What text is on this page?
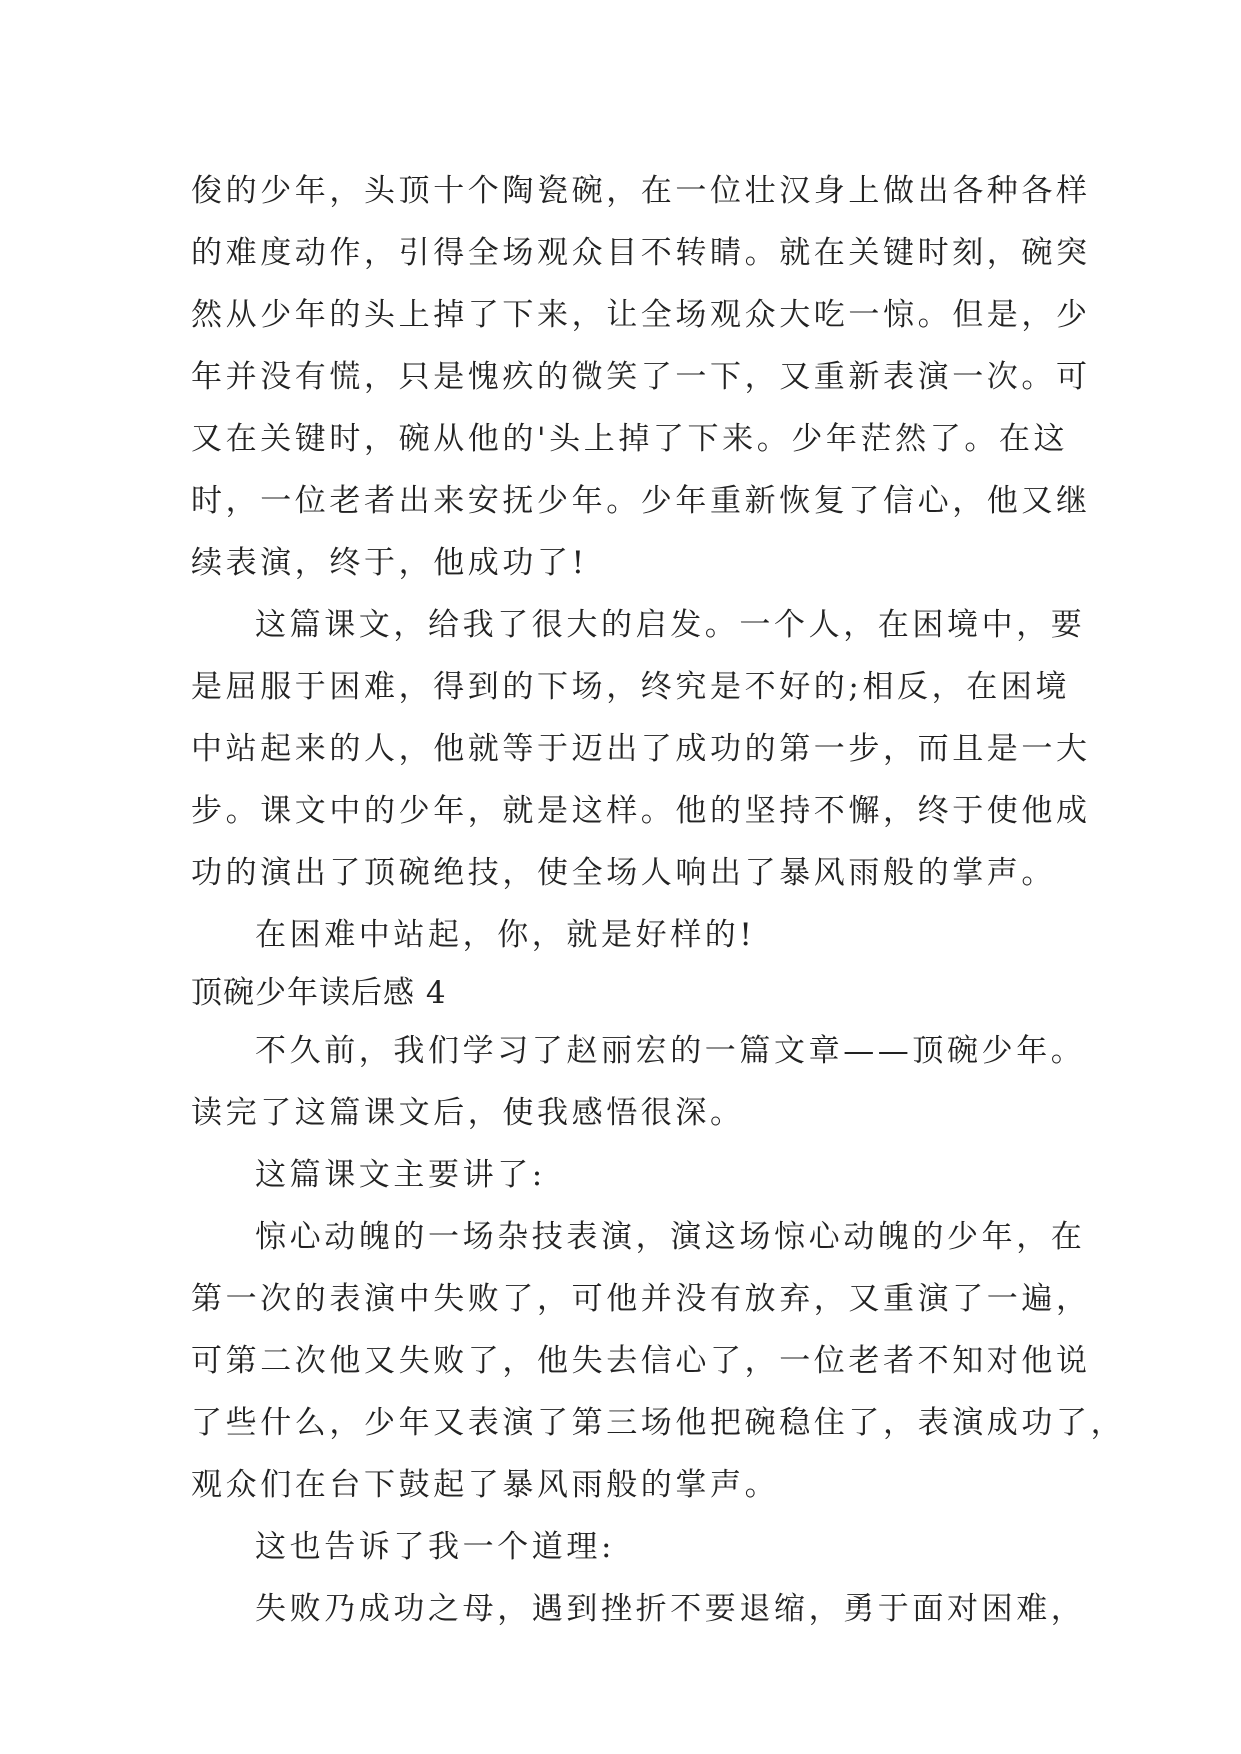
俊的少年，头顶十个陶瓷碗，在一位壮汉身上做出各种各样
的难度动作，引得全场观众目不转睛。就在关键时刻，碗突
然从少年的头上掉了下来，让全场观众大吃一惊。但是，少
年并没有慌，只是愧疚的微笑了一下，又重新表演一次。可
又在关键时，碗从他的'头上掉了下来。少年茫然了。在这
时，一位老者出来安抚少年。少年重新恢复了信心，他又继
续表演，终于，他成功了!
这篇课文，给我了很大的启发。一个人，在困境中，要
是屈服于困难，得到的下场，终究是不好的;相反，在困境
中站起来的人，他就等于迈出了成功的第一步，而且是一大
步。课文中的少年，就是这样。他的坚持不懈，终于使他成
功的演出了顶碗绝技，使全场人响出了暴风雨般的掌声。
在困难中站起，你，就是好样的!
顶碗少年读后感 4
不久前，我们学习了赵丽宏的一篇文章——顶碗少年。
读完了这篇课文后，使我感悟很深。
这篇课文主要讲了:
惊心动魄的一场杂技表演，演这场惊心动魄的少年，在
第一次的表演中失败了，可他并没有放弃，又重演了一遍，
可第二次他又失败了，他失去信心了，一位老者不知对他说
了些什么，少年又表演了第三场他把碗稳住了，表演成功了，
观众们在台下鼓起了暴风雨般的掌声。
这也告诉了我一个道理:
失败乃成功之母，遇到挫折不要退缩，勇于面对困难，
